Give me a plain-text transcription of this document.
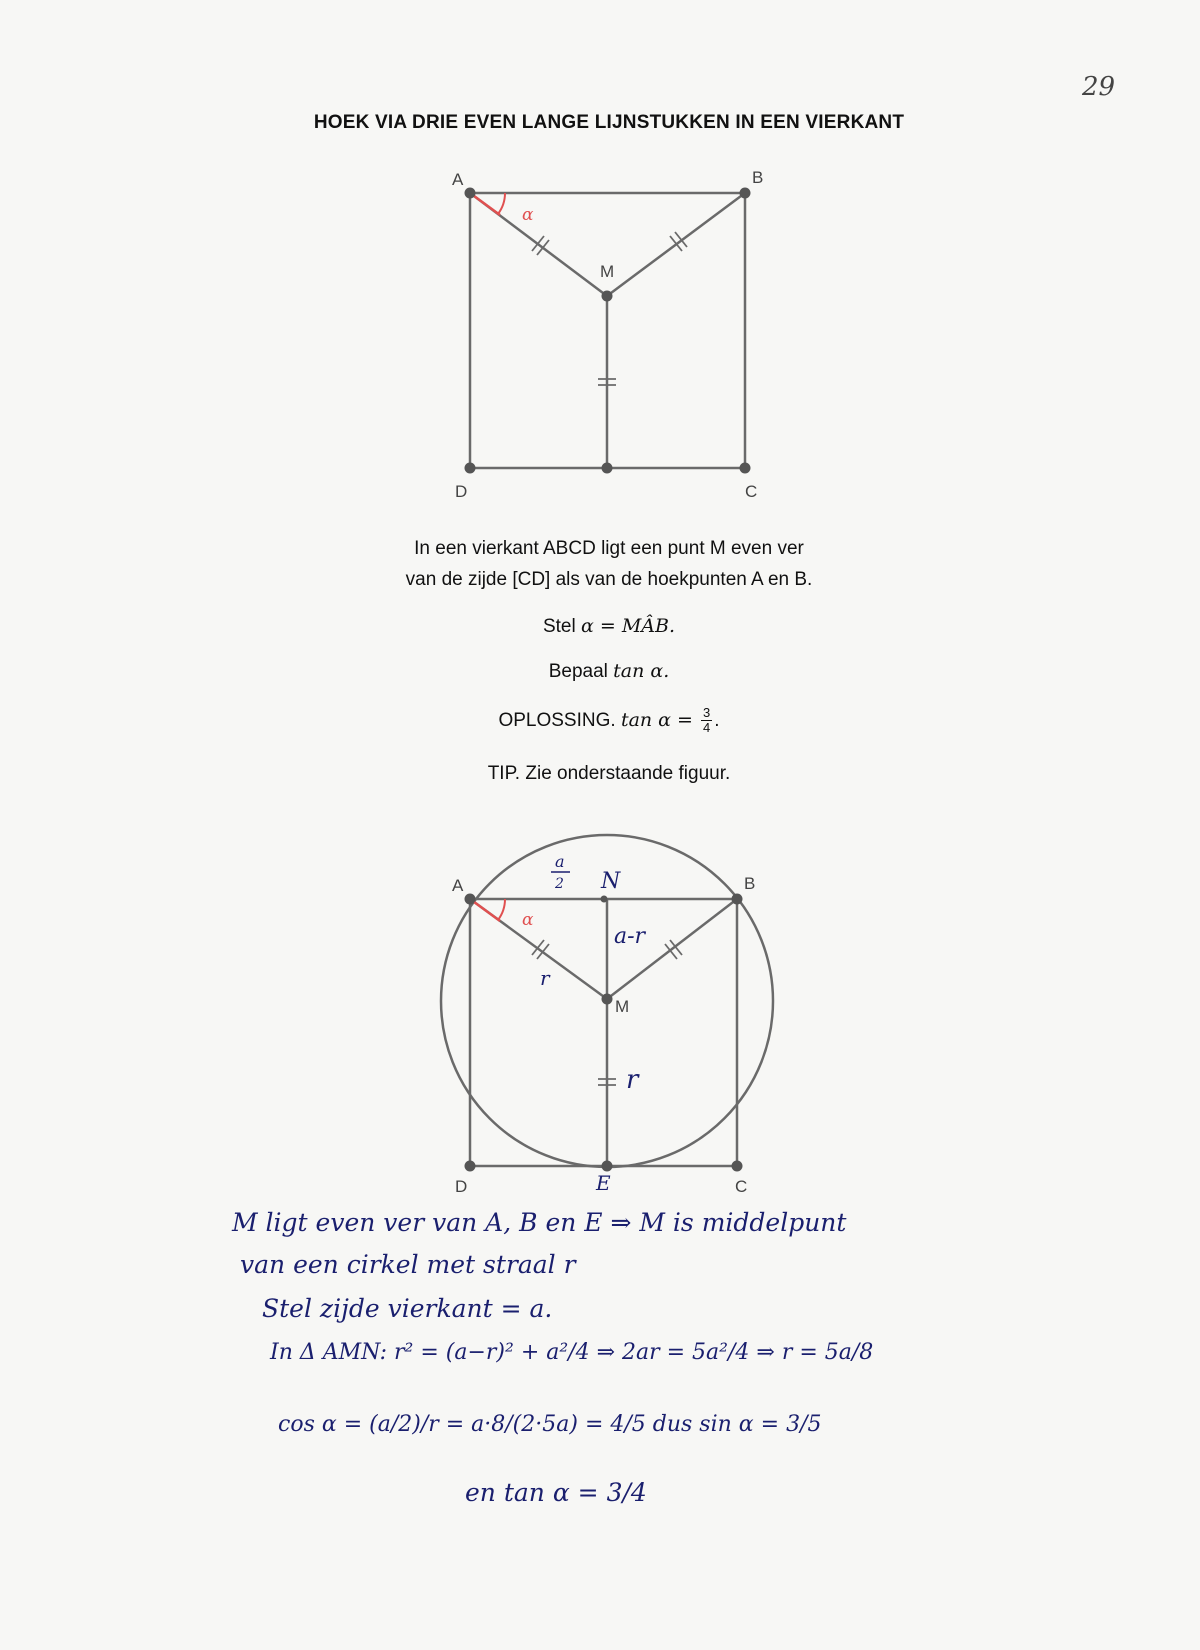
29
HOEK VIA DRIE EVEN LANGE LIJNSTUKKEN IN EEN VIERKANT
A	B
C
D
M
α
A	B
C
D
M
N
E
α
a
2
a-r
r
r
In een vierkant ABCD ligt een punt M even ver
van de zijde [CD] als van de hoekpunten A en B.
Stel α = MÂB.
Bepaal tan α.
OPLOSSING. $\tan \alpha = \frac{3}{4}$ .
TIP. Zie onderstaande figuur.
M ligt even ver van A, B en E ⇒ M is middelpunt
van een cirkel met straal r
Stel zijde vierkant = a.
In Δ AMN: r² = (a−r)² + a²/4 ⇒ 2ar = 5a²/4 ⇒ r = 5a/8
cos α = (a/2)/r = a·8/(2·5a) = 4/5 dus sin α = 3/5
en tan α = 3/4
